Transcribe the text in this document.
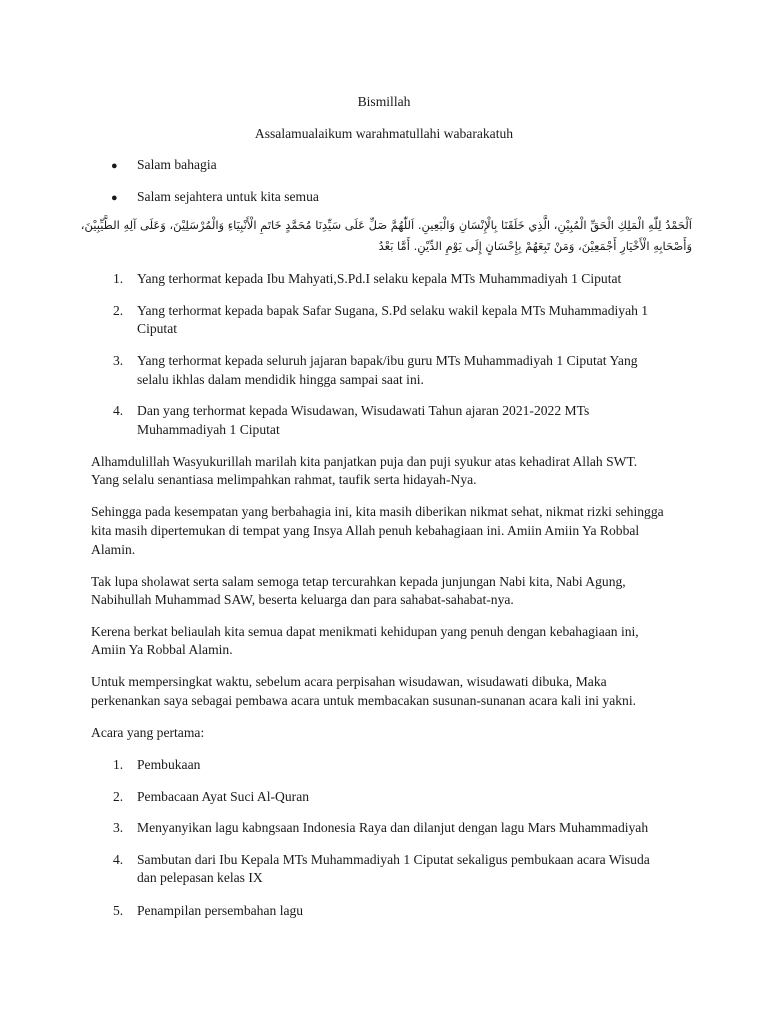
Bismillah
Assalamualaikum warahmatullahi wabarakatuh
● Salam bahagia
● Salam sejahtera untuk kita semua
اَلْحَمْدُ لِلّٰهِ الْمَلِكِ الْحَقِّ الْمُبِيْنِ، الَّذِي خَلَقَنَا بِالْإِنْسَانِ وَالْبَعِينِ. اَللّٰهُمَّ صَلِّ عَلَى سَيِّدِنَا مُحَمَّدٍ خَاتَمِ الْأَنْبِيَاءِ وَالْمُرْسَلِيْنَ، وَعَلَى آلِهِ الطَّيِّبِيْنَ،
وَأَصْحَابِهِ الْأَخْيَارِ أَجْمَعِيْنَ، وَمَنْ تَبِعَهُمْ بِإِحْسَانٍ إِلَى يَوْمِ الدِّيْنِ. أَمَّا بَعْدُ
1. Yang terhormat kepada Ibu Mahyati,S.Pd.I selaku kepala MTs Muhammadiyah 1 Ciputat
2. Yang terhormat kepada bapak Safar Sugana, S.Pd selaku wakil kepala MTs Muhammadiyah 1
Ciputat
3. Yang terhormat kepada seluruh jajaran bapak/ibu guru MTs Muhammadiyah 1 Ciputat Yang
selalu ikhlas dalam mendidik hingga sampai saat ini.
4. Dan yang terhormat kepada Wisudawan, Wisudawati Tahun ajaran 2021-2022 MTs
Muhammadiyah 1 Ciputat
Alhamdulillah Wasyukurillah marilah kita panjatkan puja dan puji syukur atas kehadirat Allah SWT.
Yang selalu senantiasa melimpahkan rahmat, taufik serta hidayah-Nya.
Sehingga pada kesempatan yang berbahagia ini, kita masih diberikan nikmat sehat, nikmat rizki sehingga
kita masih dipertemukan di tempat yang Insya Allah penuh kebahagiaan ini. Amiin Amiin Ya Robbal
Alamin.
Tak lupa sholawat serta salam semoga tetap tercurahkan kepada junjungan Nabi kita, Nabi Agung,
Nabihullah Muhammad SAW, beserta keluarga dan para sahabat-sahabat-nya.
Kerena berkat beliaulah kita semua dapat menikmati kehidupan yang penuh dengan kebahagiaan ini,
Amiin Ya Robbal Alamin.
Untuk mempersingkat waktu, sebelum acara perpisahan wisudawan, wisudawati dibuka, Maka
perkenankan saya sebagai pembawa acara untuk membacakan susunan-sunanan acara kali ini yakni.
Acara yang pertama:
1. Pembukaan
2. Pembacaan Ayat Suci Al-Quran
3. Menyanyikan lagu kabngsaan Indonesia Raya dan dilanjut dengan lagu Mars Muhammadiyah
4. Sambutan dari Ibu Kepala MTs Muhammadiyah 1 Ciputat sekaligus pembukaan acara Wisuda
dan pelepasan kelas IX
5. Penampilan persembahan lagu
